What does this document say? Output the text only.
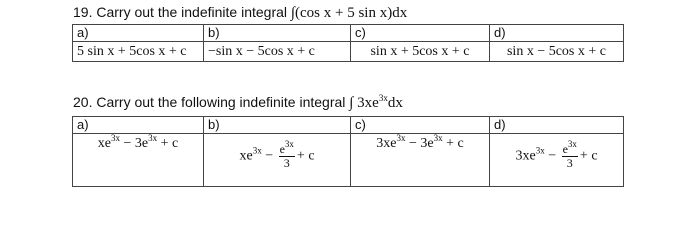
19. Carry out the indefinite integral ∫(cos x + 5 sin x)dx
a)	b)	c)	d)
5 sin x + 5cos x + c	−sin x − 5cos x + c	sin x + 5cos x + c	sin x − 5cos x + c
20. Carry out the following indefinite integral ∫ $3xe^{3x}dx$
a)	b)	c)	d)
$xe^{3x} - 3e^{3x} + c$	$xe^{3x} - \frac{e^{3x}}{3} + c$	$3xe^{3x} - 3e^{3x} + c$	$3xe^{3x} - \frac{e^{3x}}{3} + c$
